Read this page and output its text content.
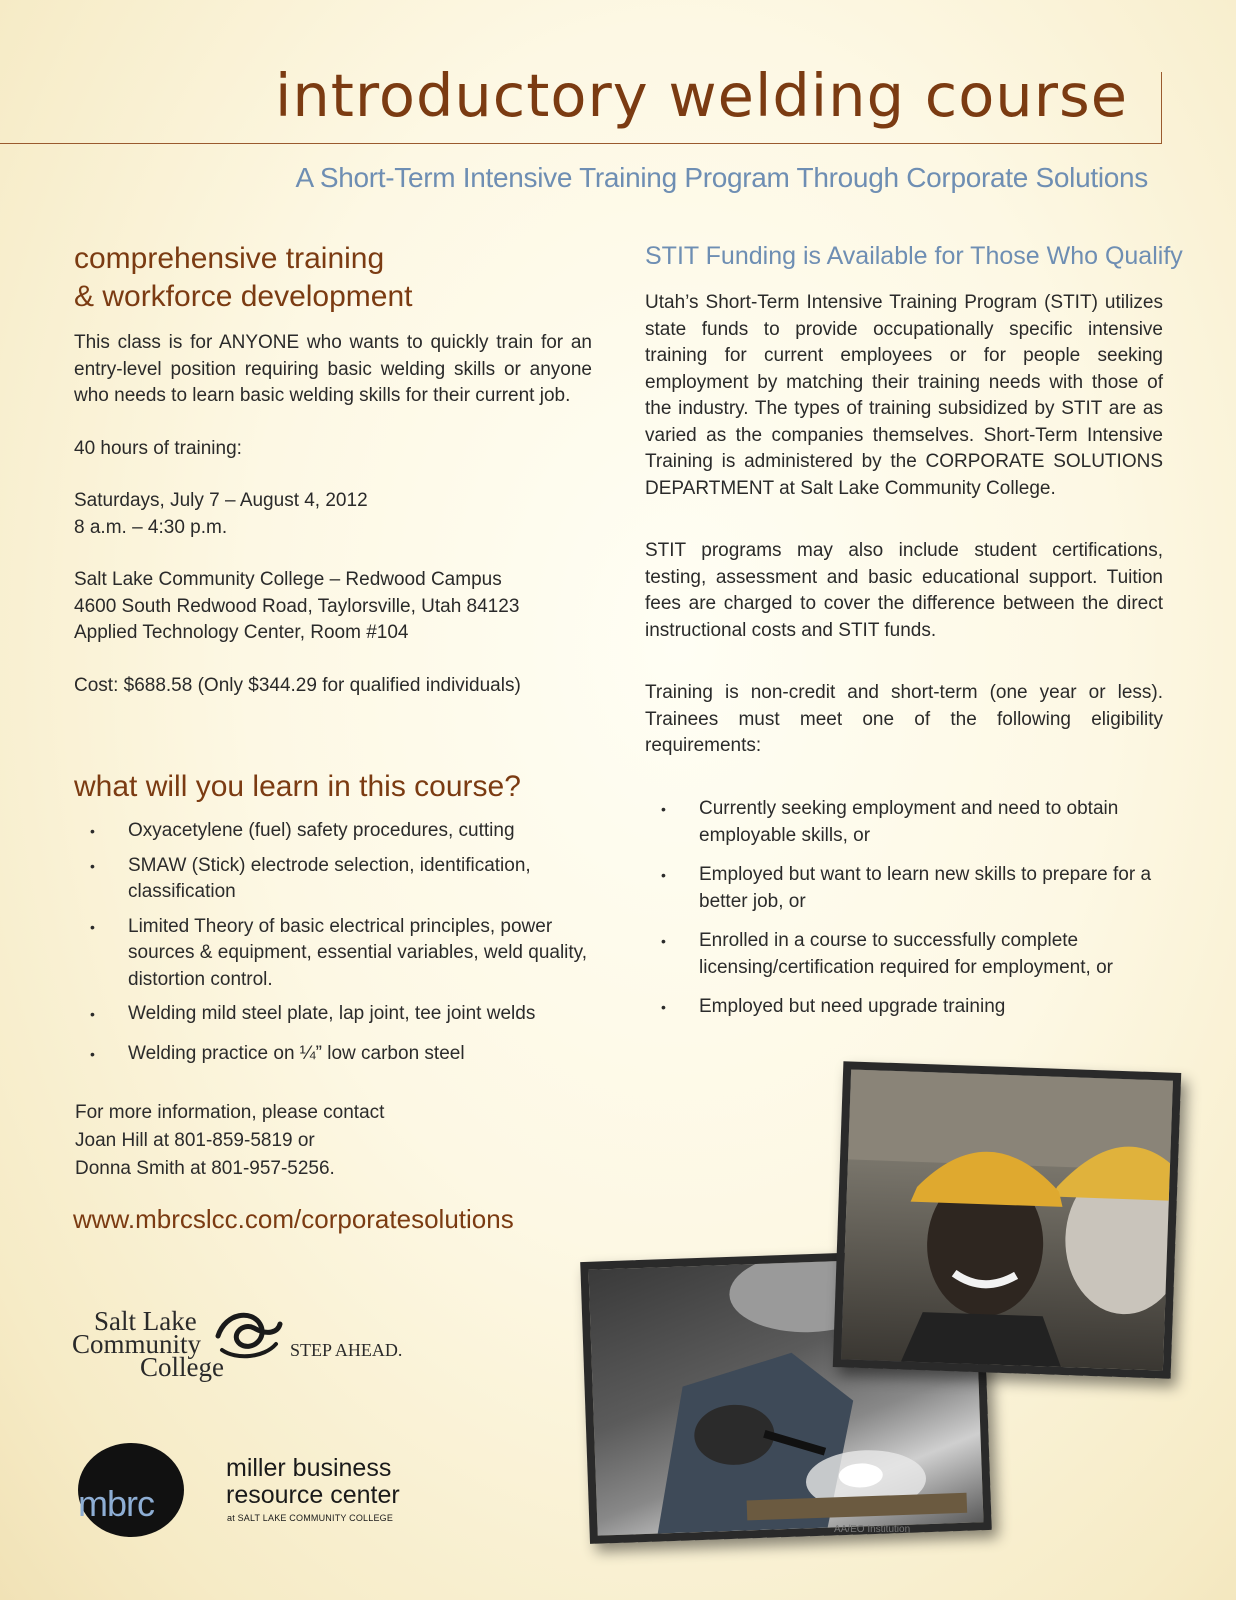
introductory welding course
A Short-Term Intensive Training Program Through Corporate Solutions
comprehensive training
& workforce development
This class is for ANYONE who wants to quickly train for an entry-level position requiring basic welding skills or anyone who needs to learn basic welding skills for their current job.
40 hours of training:
Saturdays, July 7 – August 4, 2012
8 a.m. – 4:30 p.m.
Salt Lake Community College – Redwood Campus
4600 South Redwood Road, Taylorsville, Utah 84123
Applied Technology Center, Room #104
Cost: $688.58 (Only $344.29 for qualified individuals)
what will you learn in this course?
• Oxyacetylene (fuel) safety procedures, cutting
• SMAW (Stick) electrode selection, identification, classification
• Limited Theory of basic electrical principles, power sources & equipment, essential variables, weld quality, distortion control.
• Welding mild steel plate, lap joint, tee joint welds
• Welding practice on ¼” low carbon steel
For more information, please contact
Joan Hill at 801-859-5819 or
Donna Smith at 801-957-5256.
www.mbrcslcc.com/corporatesolutions
STIT Funding is Available for Those Who Qualify
Utah’s Short-Term Intensive Training Program (STIT) utilizes state funds to provide occupationally specific intensive training for current employees or for people seeking employment by matching their training needs with those of the industry. The types of training subsidized by STIT are as varied as the companies themselves. Short-Term Intensive Training is administered by the CORPORATE SOLUTIONS DEPARTMENT at Salt Lake Community College.
STIT programs may also include student certifications, testing, assessment and basic educational support. Tuition fees are charged to cover the difference between the direct instructional costs and STIT funds.
Training is non-credit and short-term (one year or less). Trainees must meet one of the following eligibility requirements:
• Currently seeking employment and need to obtain employable skills, or
• Employed but want to learn new skills to prepare for a better job, or
• Enrolled in a course to successfully complete licensing/certification required for employment, or
• Employed but need upgrade training
Salt Lake
Community
College
STEP AHEAD.
mbrc
miller business
resource center
at SALT LAKE COMMUNITY COLLEGE
AA/EO Institution
